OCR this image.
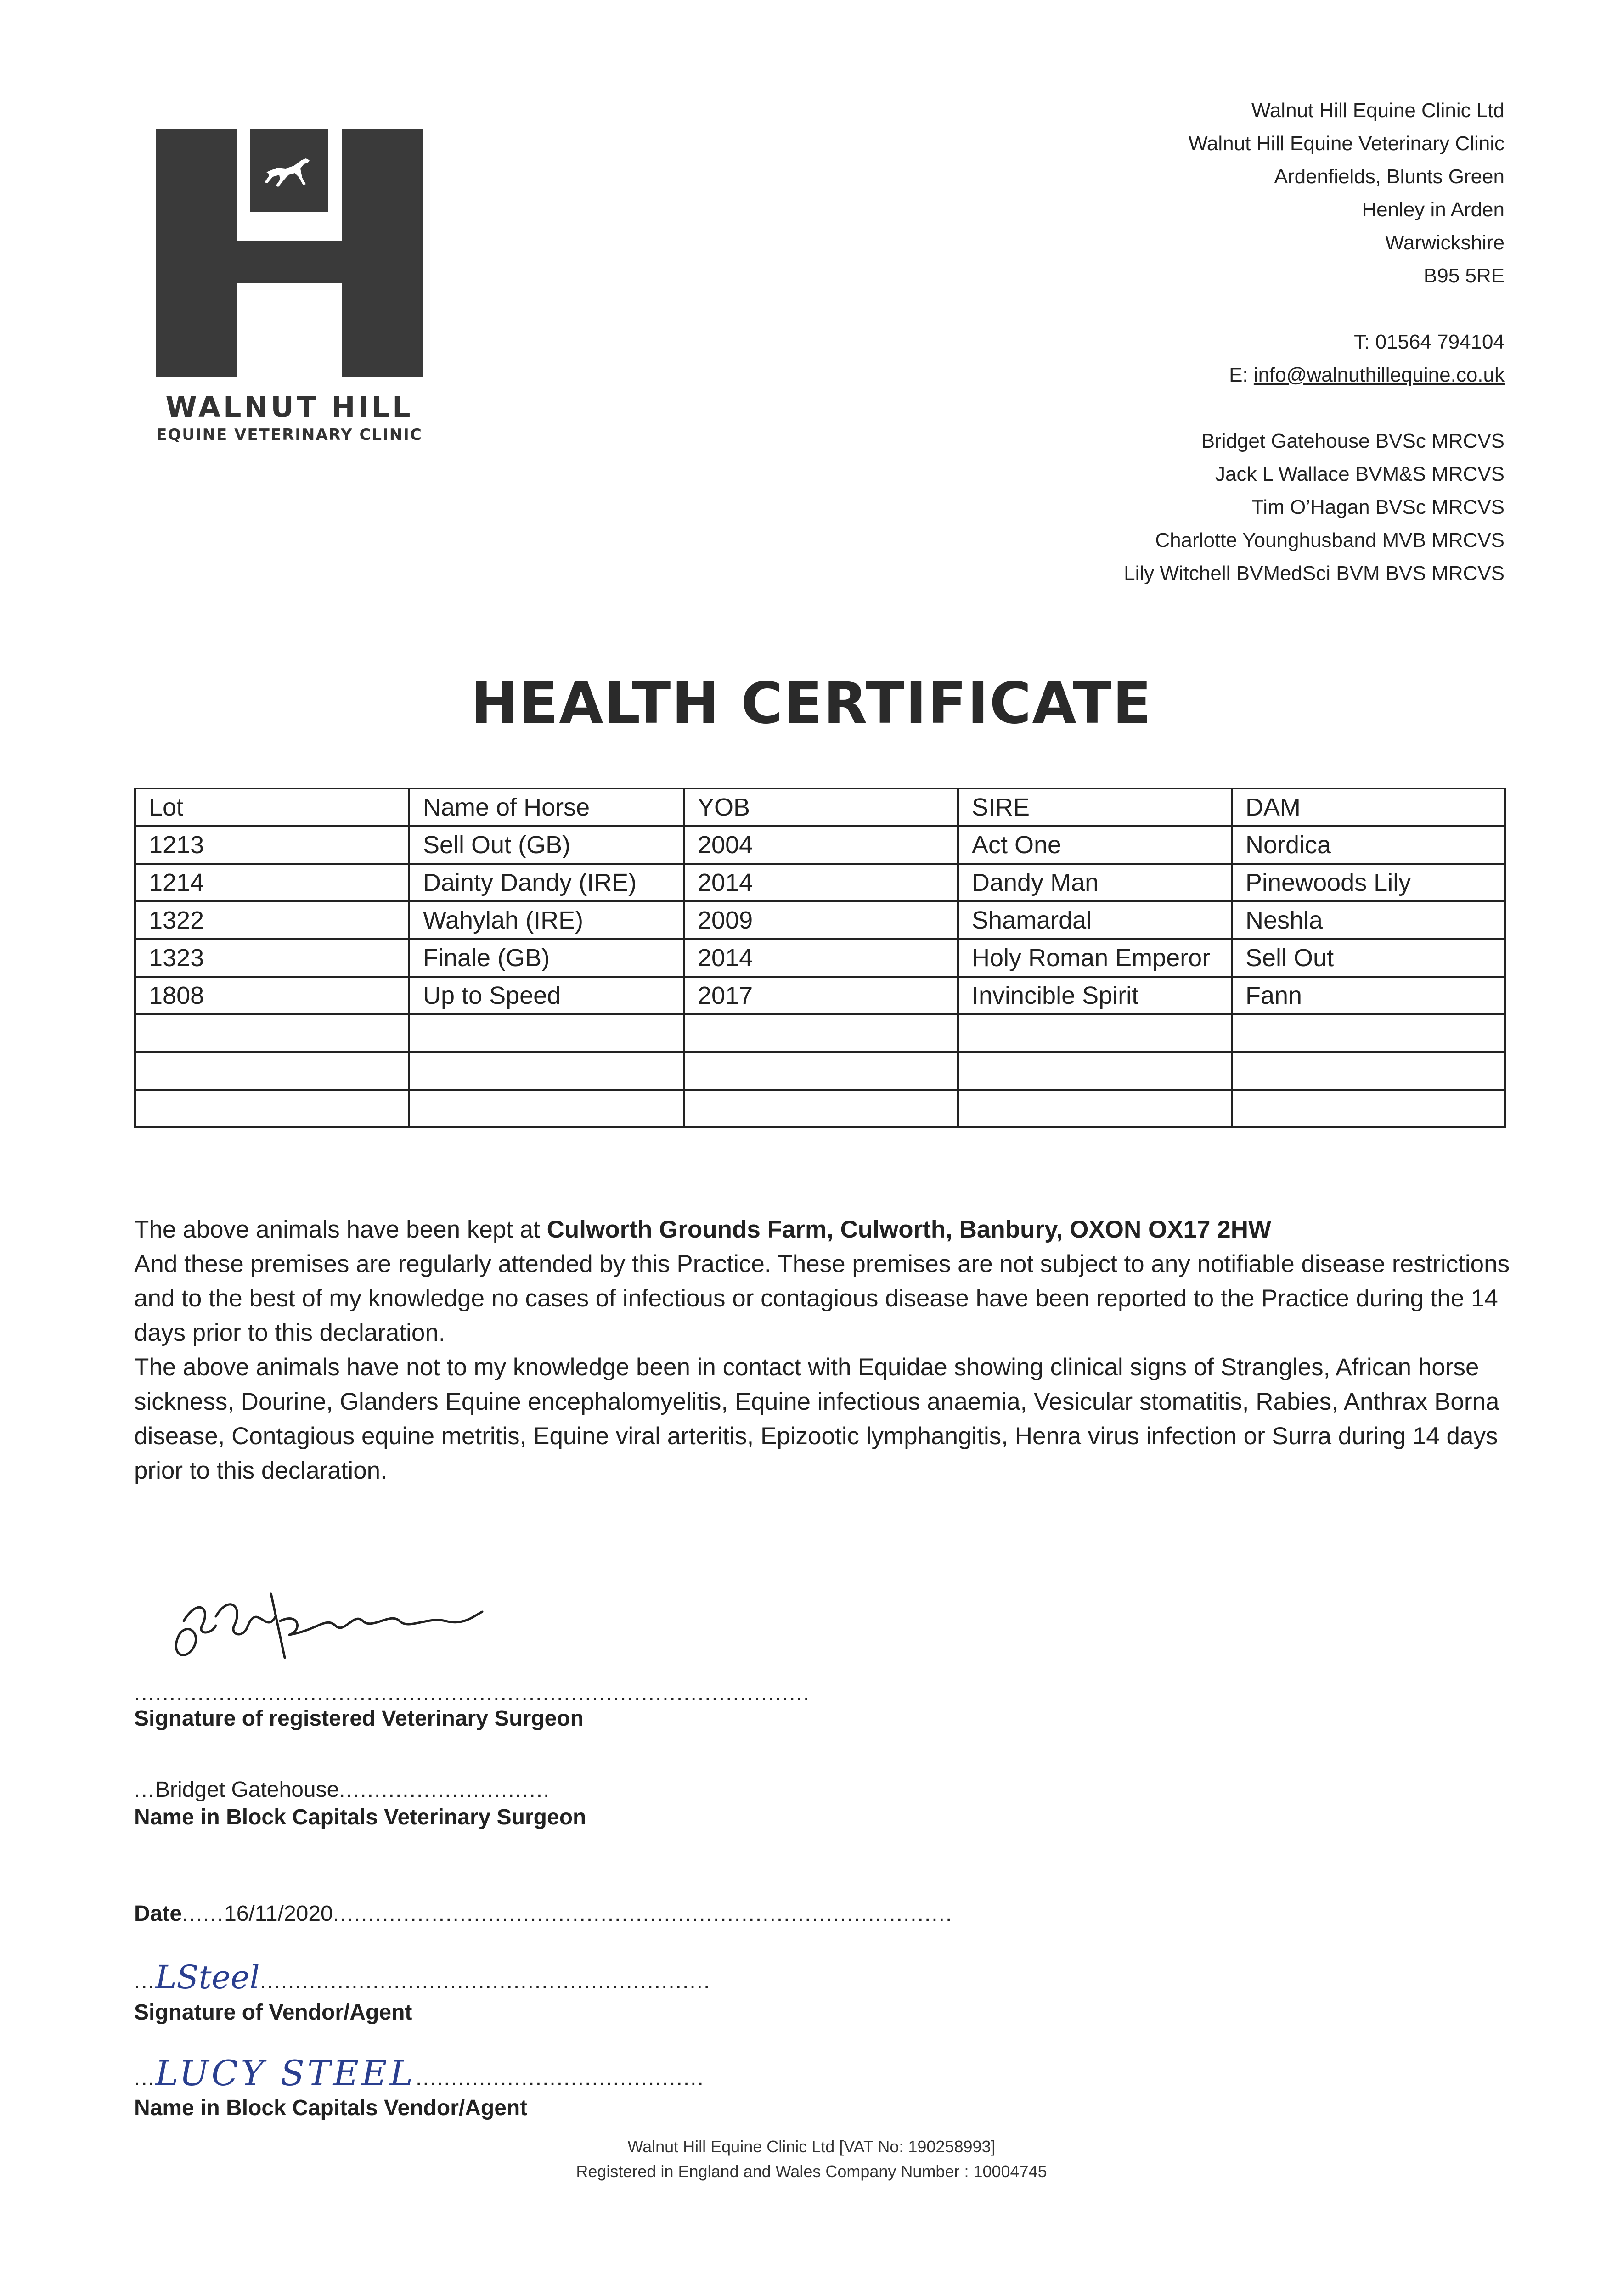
WALNUT HILL
EQUINE VETERINARY CLINIC
Walnut Hill Equine Clinic Ltd
Walnut Hill Equine Veterinary Clinic
Ardenfields, Blunts Green
Henley in Arden
Warwickshire
B95 5RE
T: 01564 794104
E: info@walnuthillequine.co.uk
Bridget Gatehouse BVSc MRCVS
Jack L Wallace BVM&S MRCVS
Tim O’Hagan BVSc MRCVS
Charlotte Younghusband MVB MRCVS
Lily Witchell BVMedSci BVM BVS MRCVS
HEALTH CERTIFICATE
Lot	Name of Horse	YOB	SIRE	DAM
1213	Sell Out (GB)	2004	Act One	Nordica
1214	Dainty Dandy (IRE)	2014	Dandy Man	Pinewoods Lily
1322	Wahylah (IRE)	2009	Shamardal	Neshla
1323	Finale (GB)	2014	Holy Roman Emperor	Sell Out
1808	Up to Speed	2017	Invincible Spirit	Fann

The above animals have been kept at Culworth Grounds Farm, Culworth, Banbury, OXON OX17 2HW

And these premises are regularly attended by this Practice. These premises are not subject to any notifiable disease restrictions and to the best of my knowledge no cases of infectious or contagious disease have been reported to the Practice during the 14 days prior to this declaration.

The above animals have not to my knowledge been in contact with Equidae showing clinical signs of Strangles, African horse sickness, Dourine, Glanders Equine encephalomyelitis, Equine infectious anaemia, Vesicular stomatitis, Rabies, Anthrax Borna disease, Contagious equine metritis, Equine viral arteritis, Epizootic lymphangitis, Henra virus infection or Surra during 14 days prior to this declaration.

................................................................................................
Signature of registered Veterinary Surgeon
...Bridget Gatehouse..............................
Name in Block Capitals Veterinary Surgeon
Date......16/11/2020........................................................................................
...LSteel................................................................
Signature of Vendor/Agent
...LUCY STEEL.........................................
Name in Block Capitals Vendor/Agent
Walnut Hill Equine Clinic Ltd [VAT No: 190258993]
Registered in England and Wales Company Number : 10004745
